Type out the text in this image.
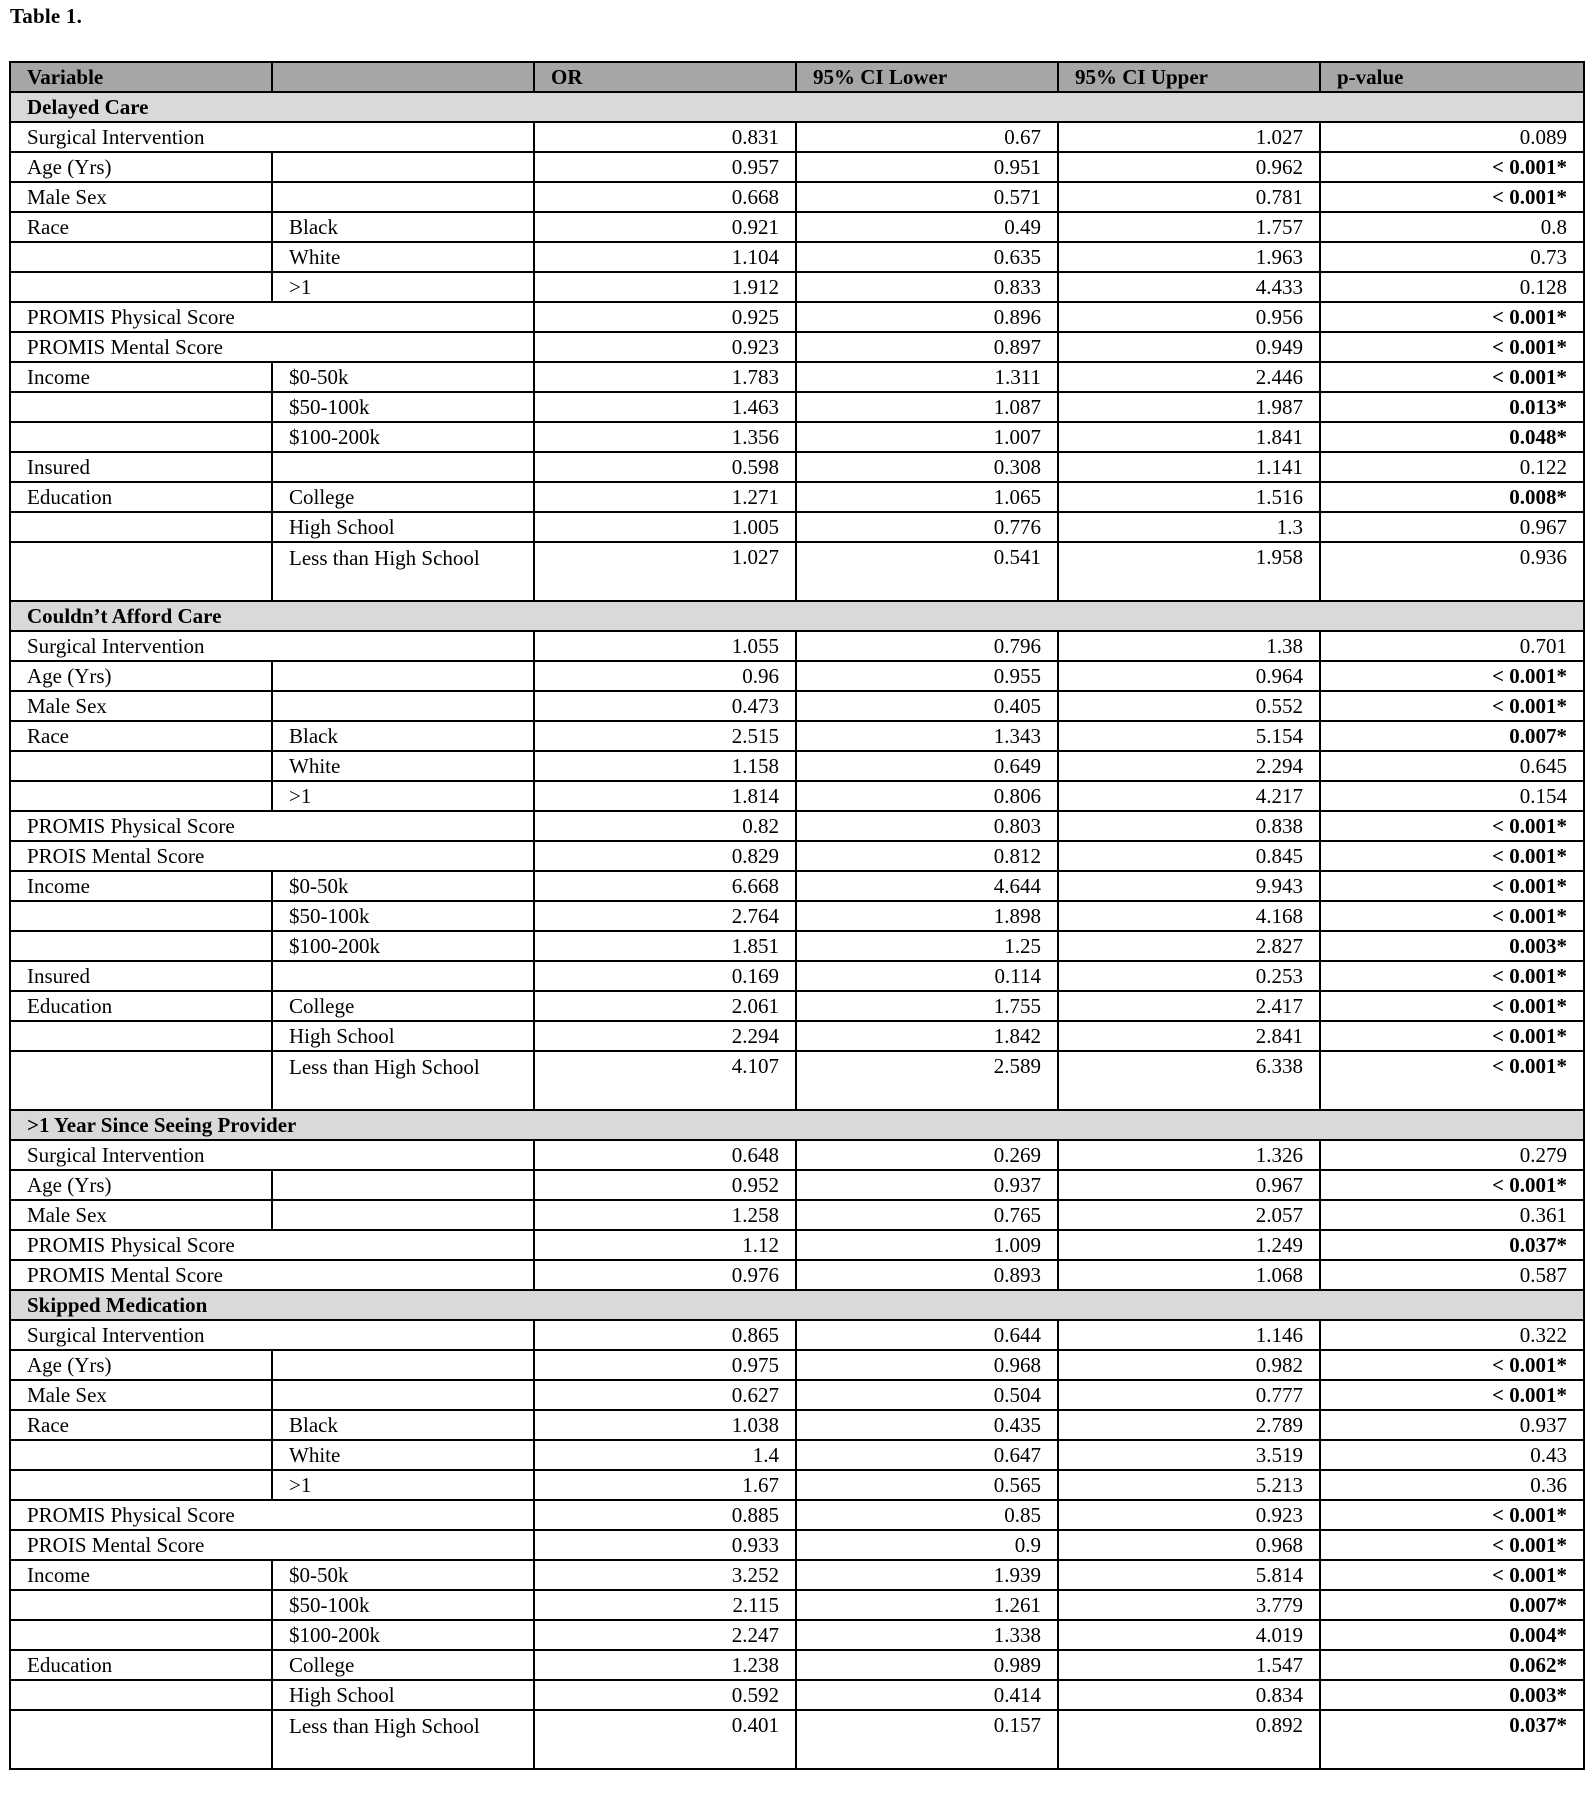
Table 1.
Variable		OR	95% CI Lower	95% CI Upper	p-value
Delayed Care					
Surgical Intervention		0.831	0.67	1.027	0.089
Age (Yrs)		0.957	0.951	0.962	< 0.001*
Male Sex		0.668	0.571	0.781	< 0.001*
Race	Black	0.921	0.49	1.757	0.8
	White	1.104	0.635	1.963	0.73
	>1	1.912	0.833	4.433	0.128
PROMIS Physical Score		0.925	0.896	0.956	< 0.001*
PROMIS Mental Score		0.923	0.897	0.949	< 0.001*
Income	$0-50k	1.783	1.311	2.446	< 0.001*
	$50-100k	1.463	1.087	1.987	0.013*
	$100-200k	1.356	1.007	1.841	0.048*
Insured		0.598	0.308	1.141	0.122
Education	College	1.271	1.065	1.516	0.008*
	High School	1.005	0.776	1.3	0.967
	Less than High School	1.027	0.541	1.958	0.936
Couldn’t Afford Care					
Surgical Intervention		1.055	0.796	1.38	0.701
Age (Yrs)		0.96	0.955	0.964	< 0.001*
Male Sex		0.473	0.405	0.552	< 0.001*
Race	Black	2.515	1.343	5.154	0.007*
	White	1.158	0.649	2.294	0.645
	>1	1.814	0.806	4.217	0.154
PROMIS Physical Score		0.82	0.803	0.838	< 0.001*
PROIS Mental Score		0.829	0.812	0.845	< 0.001*
Income	$0-50k	6.668	4.644	9.943	< 0.001*
	$50-100k	2.764	1.898	4.168	< 0.001*
	$100-200k	1.851	1.25	2.827	0.003*
Insured		0.169	0.114	0.253	< 0.001*
Education	College	2.061	1.755	2.417	< 0.001*
	High School	2.294	1.842	2.841	< 0.001*
	Less than High School	4.107	2.589	6.338	< 0.001*
>1 Year Since Seeing Provider					
Surgical Intervention		0.648	0.269	1.326	0.279
Age (Yrs)		0.952	0.937	0.967	< 0.001*
Male Sex		1.258	0.765	2.057	0.361
PROMIS Physical Score		1.12	1.009	1.249	0.037*
PROMIS Mental Score		0.976	0.893	1.068	0.587
Skipped Medication					
Surgical Intervention		0.865	0.644	1.146	0.322
Age (Yrs)		0.975	0.968	0.982	< 0.001*
Male Sex		0.627	0.504	0.777	< 0.001*
Race	Black	1.038	0.435	2.789	0.937
	White	1.4	0.647	3.519	0.43
	>1	1.67	0.565	5.213	0.36
PROMIS Physical Score		0.885	0.85	0.923	< 0.001*
PROIS Mental Score		0.933	0.9	0.968	< 0.001*
Income	$0-50k	3.252	1.939	5.814	< 0.001*
	$50-100k	2.115	1.261	3.779	0.007*
	$100-200k	2.247	1.338	4.019	0.004*
Education	College	1.238	0.989	1.547	0.062*
	High School	0.592	0.414	0.834	0.003*
	Less than High School	0.401	0.157	0.892	0.037*
